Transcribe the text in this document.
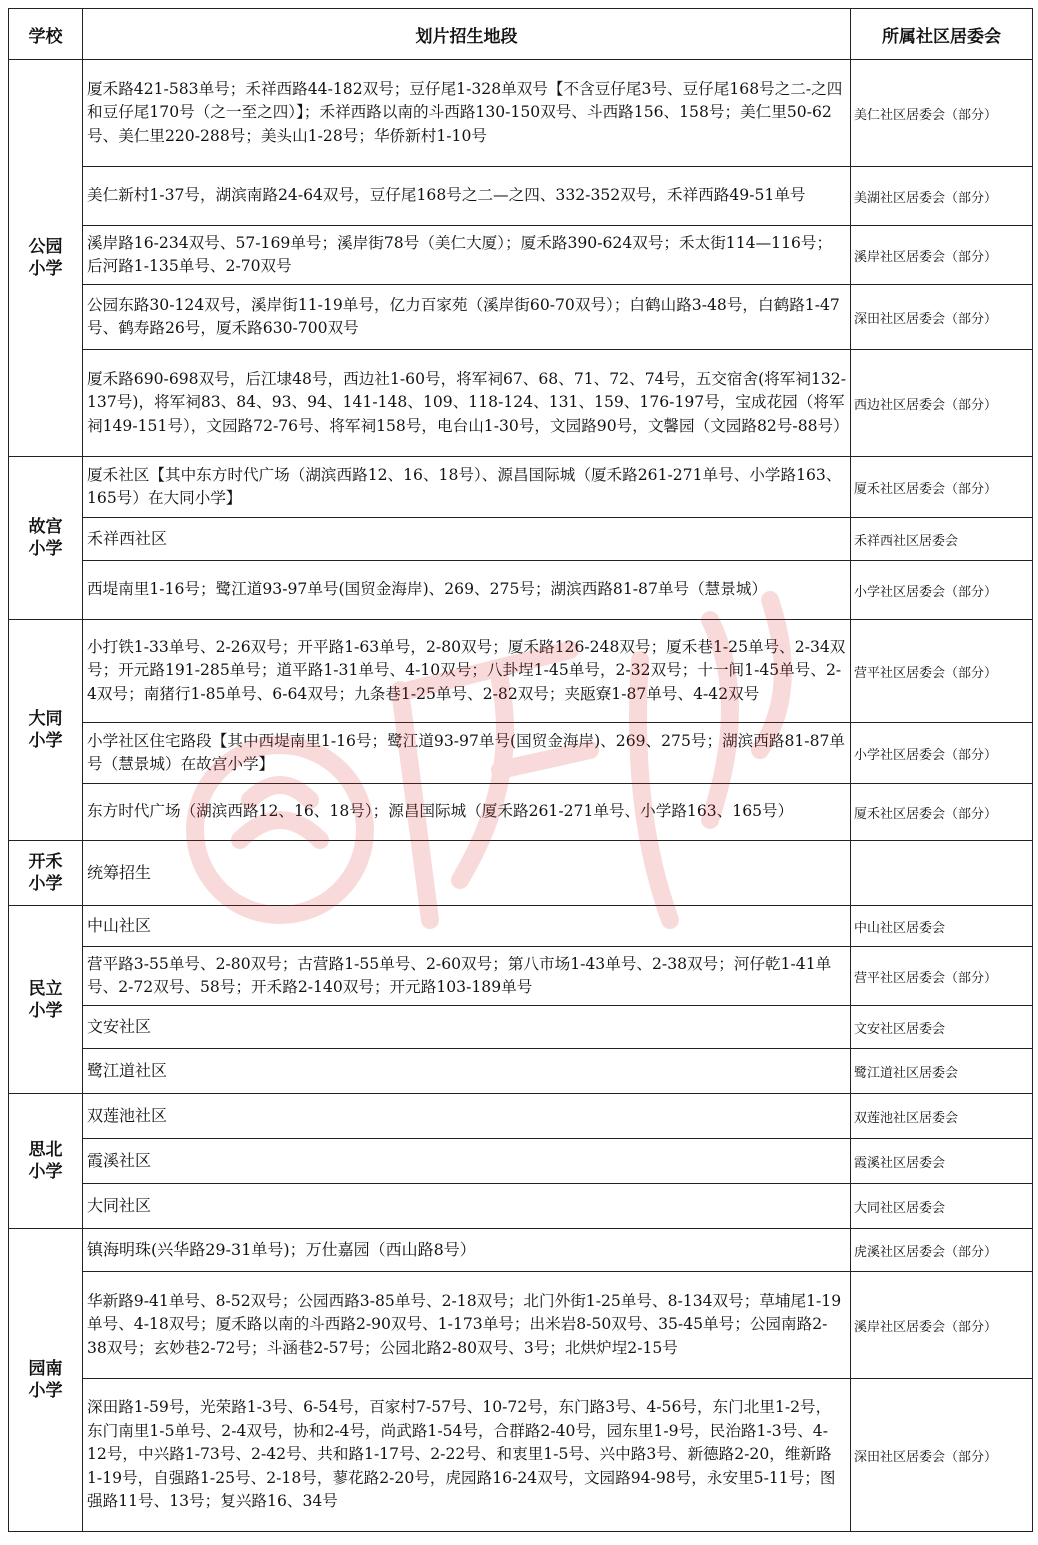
学校	划片招生地段	所属社区居委会
公园
小学	厦禾路421-583单号；禾祥西路44-182双号；豆仔尾1-328单双号【不含豆仔尾3号、豆仔尾168号之二-之四和豆仔尾170号（之一至之四）】；禾祥西路以南的斗西路130-150双号、斗西路156、158号；美仁里50-62号、美仁里220-288号；美头山1-28号；华侨新村1-10号	美仁社区居委会（部分）
	美仁新村1-37号，湖滨南路24-64双号，豆仔尾168号之二—之四、332-352双号，禾祥西路49-51单号	美湖社区居委会（部分）
	溪岸路16-234双号、57-169单号；溪岸街78号（美仁大厦）；厦禾路390-624双号；禾太街114—116号；后河路1-135单号、2-70双号	溪岸社区居委会（部分）
	公园东路30-124双号，溪岸街11-19单号，亿力百家苑（溪岸街60-70双号）；白鹤山路3-48号，白鹤路1-47号、鹤寿路26号，厦禾路630-700双号	深田社区居委会（部分）
	厦禾路690-698双号，后江埭48号，西边社1-60号，将军祠67、68、71、72、74号，五交宿舍(将军祠132-137号)，将军祠83、84、93、94、141-148、109、118-124、131、159、176-197号，宝成花园（将军祠149-151号），文园路72-76号、将军祠158号，电台山1-30号，文园路90号，文馨园（文园路82号-88号）	西边社区居委会（部分）
故宫
小学	厦禾社区【其中东方时代广场（湖滨西路12、16、18号）、源昌国际城（厦禾路261-271单号、小学路163、165号）在大同小学】	厦禾社区居委会（部分）
	禾祥西社区	禾祥西社区居委会
	西堤南里1-16号；鹭江道93-97单号(国贸金海岸)、269、275号；湖滨西路81-87单号（慧景城）	小学社区居委会（部分）
大同
小学	小打铁1-33单号、2-26双号；开平路1-63单号，2-80双号；厦禾路126-248双号；厦禾巷1-25单号、2-34双号；开元路191-285单号；道平路1-31单号、4-10双号；八卦埕1-45单号，2-32双号；十一间1-45单号、2-4双号；南猪行1-85单号、6-64双号；九条巷1-25单号、2-82双号；夹瓪寮1-87单号、4-42双号	营平社区居委会（部分）
	小学社区住宅路段【其中西堤南里1-16号；鹭江道93-97单号(国贸金海岸)、269、275号；湖滨西路81-87单号（慧景城）在故宫小学】	小学社区居委会（部分）
	东方时代广场（湖滨西路12、16、18号）；源昌国际城（厦禾路261-271单号、小学路163、165号）	厦禾社区居委会（部分）
开禾
小学	统筹招生	
民立
小学	中山社区	中山社区居委会
	营平路3-55单号、2-80双号；古营路1-55单号、2-60双号；第八市场1-43单号、2-38双号；河仔乾1-41单号、2-72双号、58号；开禾路2-140双号；开元路103-189单号	营平社区居委会（部分）
	文安社区	文安社区居委会
	鹭江道社区	鹭江道社区居委会
思北
小学	双莲池社区	双莲池社区居委会
	霞溪社区	霞溪社区居委会
	大同社区	大同社区居委会
园南
小学	镇海明珠(兴华路29-31单号)；万仕嘉园（西山路8号）	虎溪社区居委会（部分）
	华新路9-41单号、8-52双号；公园西路3-85单号、2-18双号；北门外街1-25单号、8-134双号；草埔尾1-19单号、4-18双号；厦禾路以南的斗西路2-90双号、1-173单号；出米岩8-50双号、35-45单号；公园南路2-38双号；玄妙巷2-72号；斗涵巷2-57号；公园北路2-80双号、3号；北烘炉埕2-15号	溪岸社区居委会（部分）
	深田路1-59号，光荣路1-3号、6-54号，百家村7-57号、10-72号，东门路3号、4-56号，东门北里1-2号，东门南里1-5单号、2-4双号，协和2-4号，尚武路1-54号，合群路2-40号，园东里1-9号，民治路1-3号、4-12号，中兴路1-73号、2-42号、共和路1-17号、2-22号、和衷里1-5号、兴中路3号、新德路2-20，维新路1-19号，自强路1-25号、2-18号，蓼花路2-20号，虎园路16-24双号，文园路94-98号，永安里5-11号；图强路11号、13号；复兴路16、34号	深田社区居委会（部分）
